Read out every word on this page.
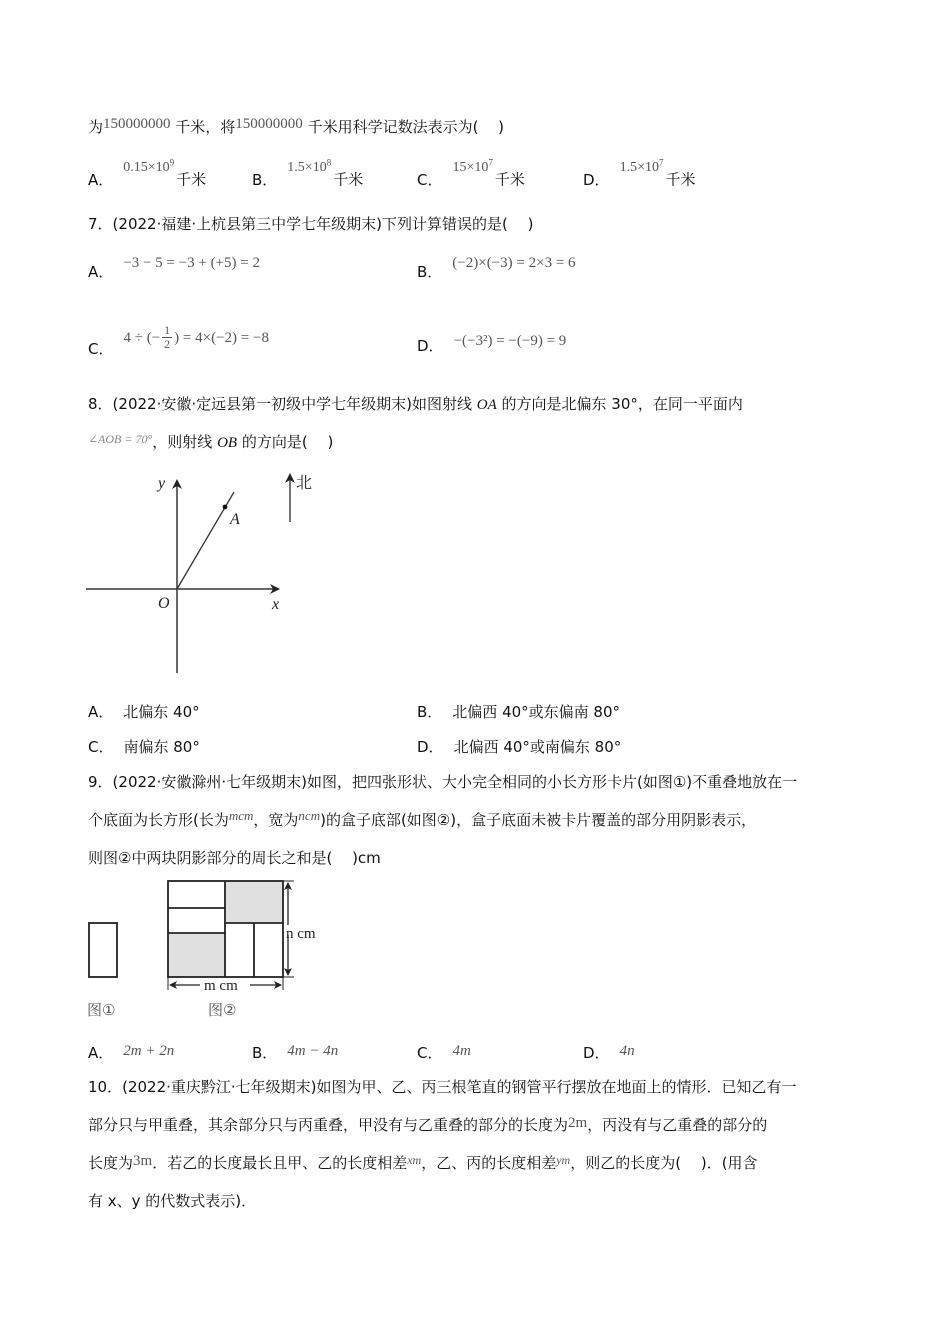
为150000000 千米，将150000000 千米用科学记数法表示为(　 )
A．$0.15\times 10^9$千米	B．$1.5\times 10^8$千米	C．$15\times 10^7$千米	D．$1.5\times 10^7$千米
7．(2022·福建·上杭县第三中学七年级期末)下列计算错误的是(　 )
A． −3 − 5 = −3 + (+5) = 2	B． (−2)×(−3) = 2×3 = 6
C．
4 ÷ (− $\frac{1}{2}$ ) = 4×(−2) = −8	D． −(−3²) = −(−9) = 9
8．(2022·安徽·定远县第一初级中学七年级期末)如图射线 OA 的方向是北偏东 30°，在同一平面内
$^{\angle AOB = 70^\circ}$，则射线 OB 的方向是(　 )
y
x
O
A
北
A． 北偏东 40°	B． 北偏西 40°或东偏南 80°
C． 南偏东 80°	D． 北偏西 40°或南偏东 80°
9．(2022·安徽滁州·七年级期末)如图，把四张形状、大小完全相同的小长方形卡片(如图①)不重叠地放在一
个底面为长方形(长为mcm，宽为ncm)的盒子底部(如图②)，盒子底面未被卡片覆盖的部分用阴影表示，
则图②中两块阴影部分的周长之和是(　 )cm
n cm
m cm
图①	图②
A． 2m + 2n	B． 4m − 4n	C． 4m	D． 4n
10．(2022·重庆黔江·七年级期末)如图为甲、乙、丙三根笔直的钢管平行摆放在地面上的情形．已知乙有一
部分只与甲重叠，其余部分只与丙重叠，甲没有与乙重叠的部分的长度为2m，丙没有与乙重叠的部分的
长度为3m．若乙的长度最长且甲、乙的长度相差$^{xm}$，乙、丙的长度相差$^{ym}$，则乙的长度为(　 )．(用含
有 x、y 的代数式表示)．
